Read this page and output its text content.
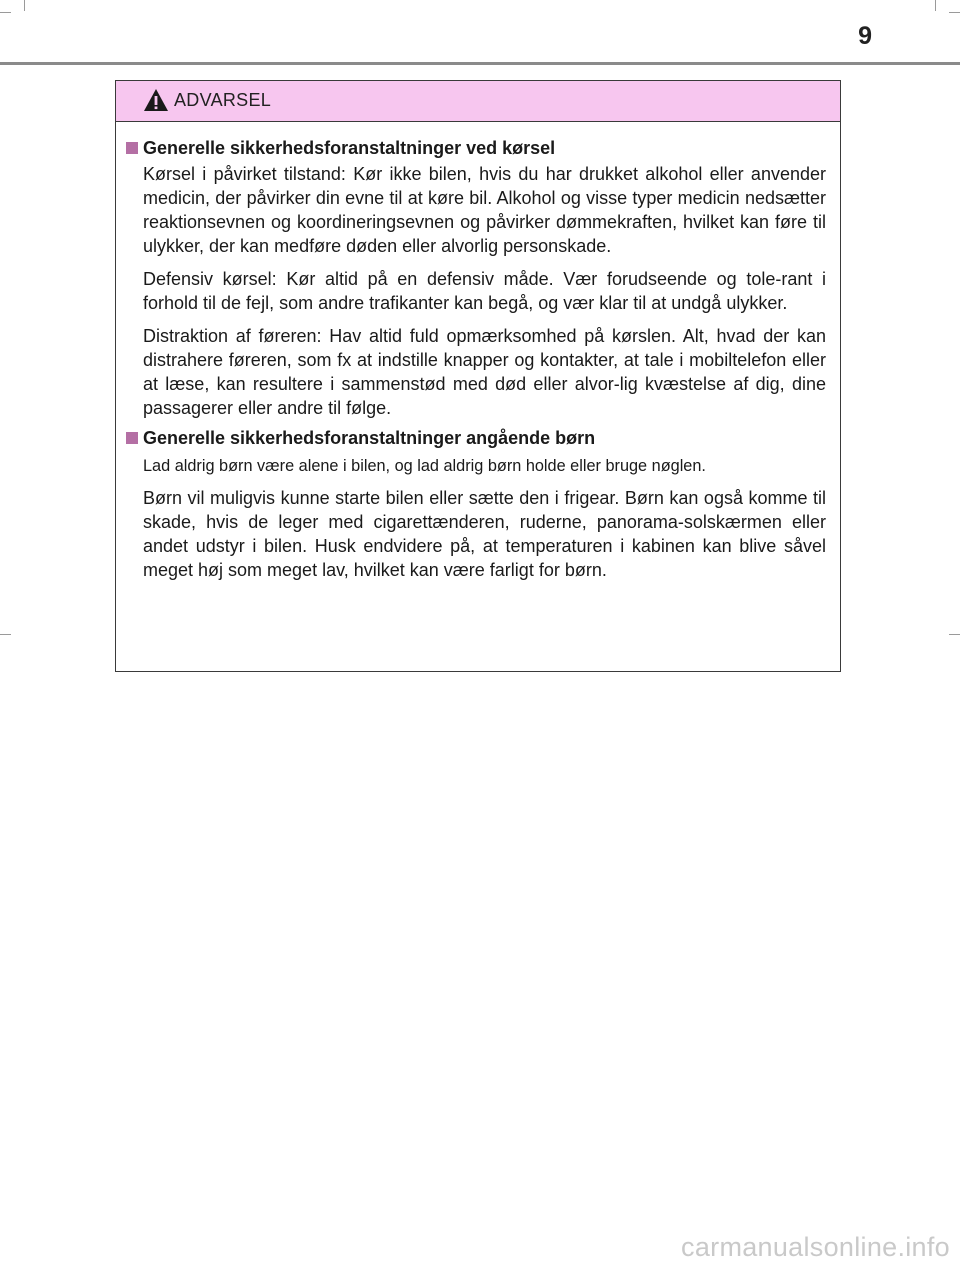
9
ADVARSEL
Generelle sikkerhedsforanstaltninger ved kørsel

Kørsel i påvirket tilstand: Kør ikke bilen, hvis du har drukket alkohol eller anvender medicin, der påvirker din evne til at køre bil. Alkohol og visse typer medicin nedsætter reaktionsevnen og koordineringsevnen og påvirker dømmekraften, hvilket kan føre til ulykker, der kan medføre døden eller alvorlig personskade.

Defensiv kørsel: Kør altid på en defensiv måde. Vær forudseende og tole-rant i forhold til de fejl, som andre trafikanter kan begå, og vær klar til at undgå ulykker.

Distraktion af føreren: Hav altid fuld opmærksomhed på kørslen. Alt, hvad der kan distrahere føreren, som fx at indstille knapper og kontakter, at tale i mobiltelefon eller at læse, kan resultere i sammenstød med død eller alvor-lig kvæstelse af dig, dine passagerer eller andre til følge.

Generelle sikkerhedsforanstaltninger angående børn

Lad aldrig børn være alene i bilen, og lad aldrig børn holde eller bruge nøglen.

Børn vil muligvis kunne starte bilen eller sætte den i frigear. Børn kan også komme til skade, hvis de leger med cigarettænderen, ruderne, panorama-solskærmen eller andet udstyr i bilen. Husk endvidere på, at temperaturen i kabinen kan blive såvel meget høj som meget lav, hvilket kan være farligt for børn.

carmanualsonline.info
